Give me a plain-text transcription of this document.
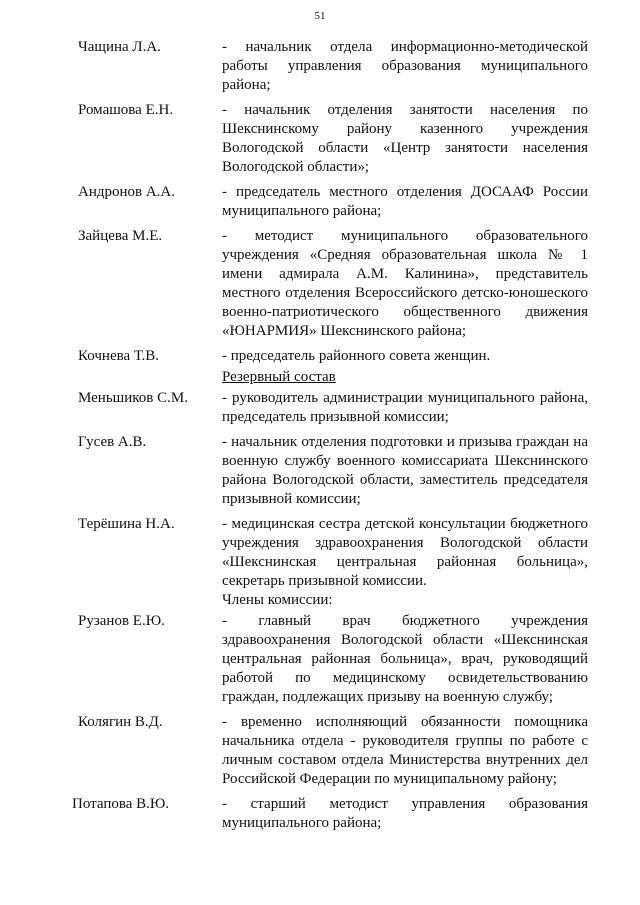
51
Чащина Л.А.	- начальник отдела информационно-методической работы управления образования муниципального района;
Ромашова Е.Н.	- начальник отделения занятости населения по Шекснинскому району казенного учреждения Вологодской области «Центр занятости населения Вологодской области»;
Андронов А.А.	- председатель местного отделения ДОСААФ России муниципального района;
Зайцева М.Е.	- методист муниципального образовательного учреждения «Средняя образовательная школа № 1 имени адмирала А.М. Калинина», представитель местного отделения Всероссийского детско-юношеского военно-патриотического общественного движения «ЮНАРМИЯ» Шекснинского района;
Кочнева Т.В.	- председатель районного совета женщин.
Резервный состав
Меньшиков С.М.	- руководитель администрации муниципального района, председатель призывной комиссии;
Гусев А.В.	- начальник отделения подготовки и призыва граждан на военную службу военного комиссариата Шекснинского района Вологодской области, заместитель председателя призывной комиссии;
Терёшина Н.А.	- медицинская сестра детской консультации бюджетного учреждения здравоохранения Вологодской области «Шекснинская центральная районная больница», секретарь призывной комиссии.
Члены комиссии:
Рузанов Е.Ю.	- главный врач бюджетного учреждения здравоохранения Вологодской области «Шекснинская центральная районная больница», врач, руководящий работой по медицинскому освидетельствованию граждан, подлежащих призыву на военную службу;
Колягин В.Д.	- временно исполняющий обязанности помощника начальника отдела - руководителя группы по работе с личным составом отдела Министерства внутренних дел Российской Федерации по муниципальному району;
Потапова В.Ю.	- старший методист управления образования муниципального района;
